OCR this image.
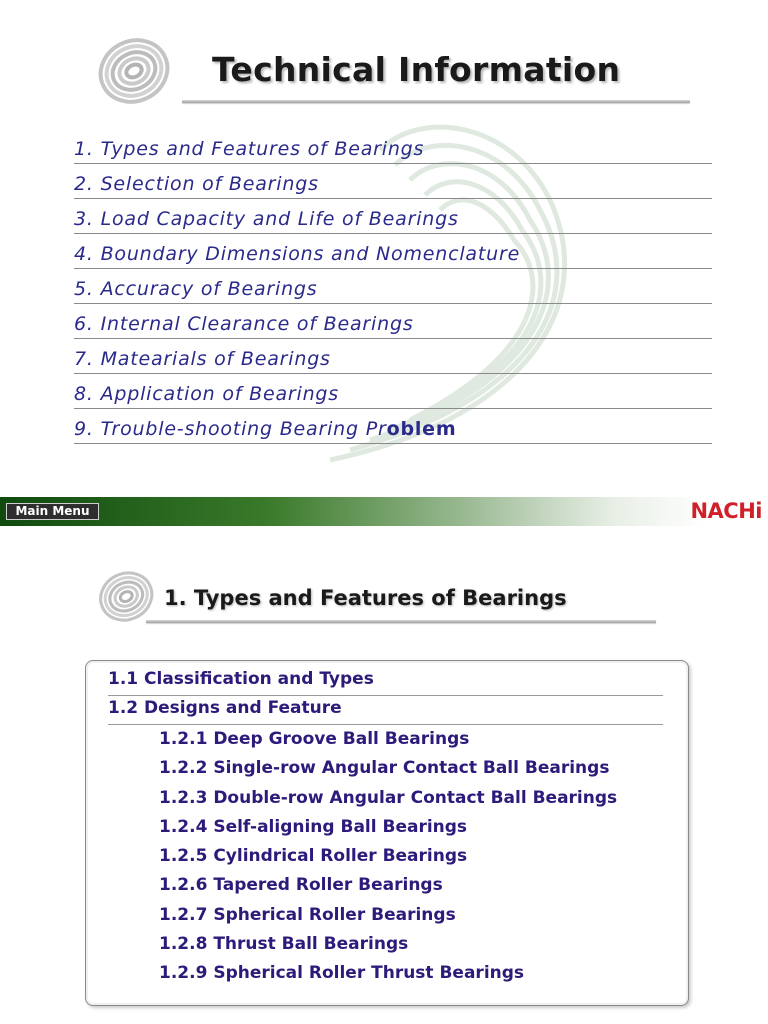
Technical Information
1. Types and Features of Bearings
2. Selection of Bearings
3. Load Capacity and Life of Bearings
4. Boundary Dimensions and Nomenclature
5. Accuracy of Bearings
6. Internal Clearance of Bearings
7. Matearials of Bearings
8. Application of Bearings
9. Trouble-shooting Bearing Problem
Main Menu	NACHi
1. Types and Features of Bearings
1.1 Classification and Types
1.2 Designs and Feature
1.2.1 Deep Groove Ball Bearings
1.2.2 Single-row Angular Contact Ball Bearings
1.2.3 Double-row Angular Contact Ball Bearings
1.2.4 Self-aligning Ball Bearings
1.2.5 Cylindrical Roller Bearings
1.2.6 Tapered Roller Bearings
1.2.7 Spherical Roller Bearings
1.2.8 Thrust Ball Bearings
1.2.9 Spherical Roller Thrust Bearings
